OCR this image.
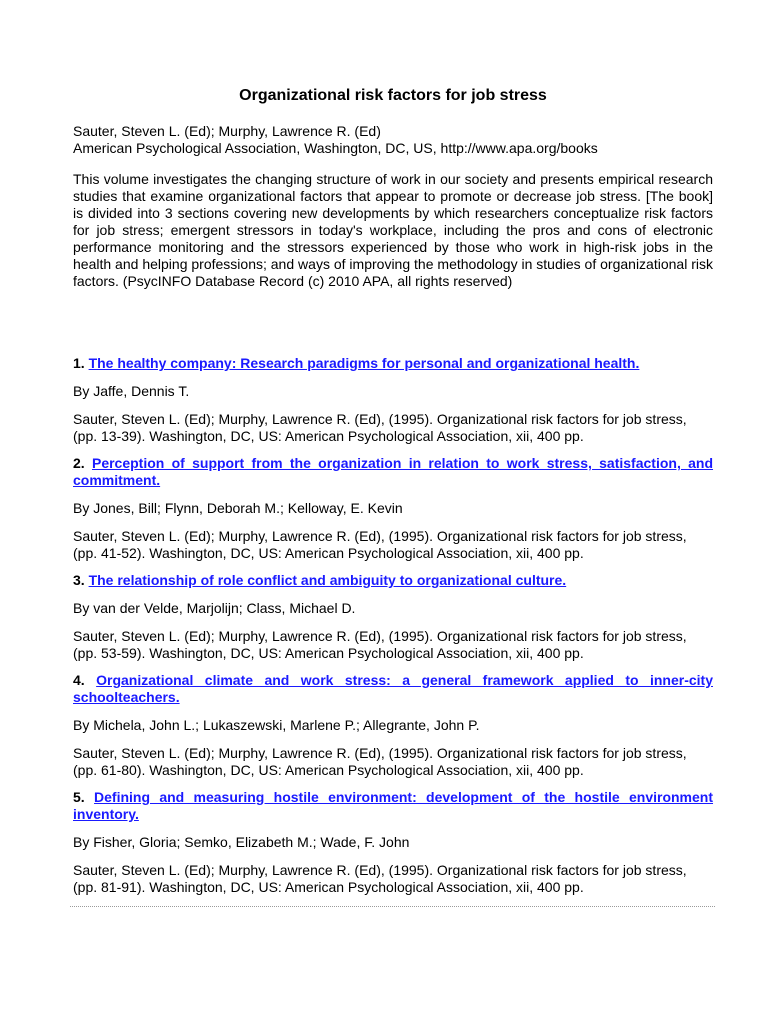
Organizational risk factors for job stress
Sauter, Steven L. (Ed); Murphy, Lawrence R. (Ed)
American Psychological Association, Washington, DC, US, http://www.apa.org/books

This volume investigates the changing structure of work in our society and presents empirical research studies that examine organizational factors that appear to promote or decrease job stress. [The book] is divided into 3 sections covering new developments by which researchers conceptualize risk factors for job stress; emergent stressors in today's workplace, including the pros and cons of electronic performance monitoring and the stressors experienced by those who work in high-risk jobs in the health and helping professions; and ways of improving the methodology in studies of organizational risk factors. (PsycINFO Database Record (c) 2010 APA, all rights reserved)

1. The healthy company: Research paradigms for personal and organizational health.
By Jaffe, Dennis T.
Sauter, Steven L. (Ed); Murphy, Lawrence R. (Ed), (1995). Organizational risk factors for job stress, (pp. 13-39). Washington, DC, US: American Psychological Association, xii, 400 pp.
2. Perception of support from the organization in relation to work stress, satisfaction, and commitment.
By Jones, Bill; Flynn, Deborah M.; Kelloway, E. Kevin
Sauter, Steven L. (Ed); Murphy, Lawrence R. (Ed), (1995). Organizational risk factors for job stress, (pp. 41-52). Washington, DC, US: American Psychological Association, xii, 400 pp.
3. The relationship of role conflict and ambiguity to organizational culture.
By van der Velde, Marjolijn; Class, Michael D.
Sauter, Steven L. (Ed); Murphy, Lawrence R. (Ed), (1995). Organizational risk factors for job stress, (pp. 53-59). Washington, DC, US: American Psychological Association, xii, 400 pp.
4. Organizational climate and work stress: a general framework applied to inner-city schoolteachers.
By Michela, John L.; Lukaszewski, Marlene P.; Allegrante, John P.
Sauter, Steven L. (Ed); Murphy, Lawrence R. (Ed), (1995). Organizational risk factors for job stress, (pp. 61-80). Washington, DC, US: American Psychological Association, xii, 400 pp.
5. Defining and measuring hostile environment: development of the hostile environment inventory.
By Fisher, Gloria; Semko, Elizabeth M.; Wade, F. John
Sauter, Steven L. (Ed); Murphy, Lawrence R. (Ed), (1995). Organizational risk factors for job stress, (pp. 81-91). Washington, DC, US: American Psychological Association, xii, 400 pp.
